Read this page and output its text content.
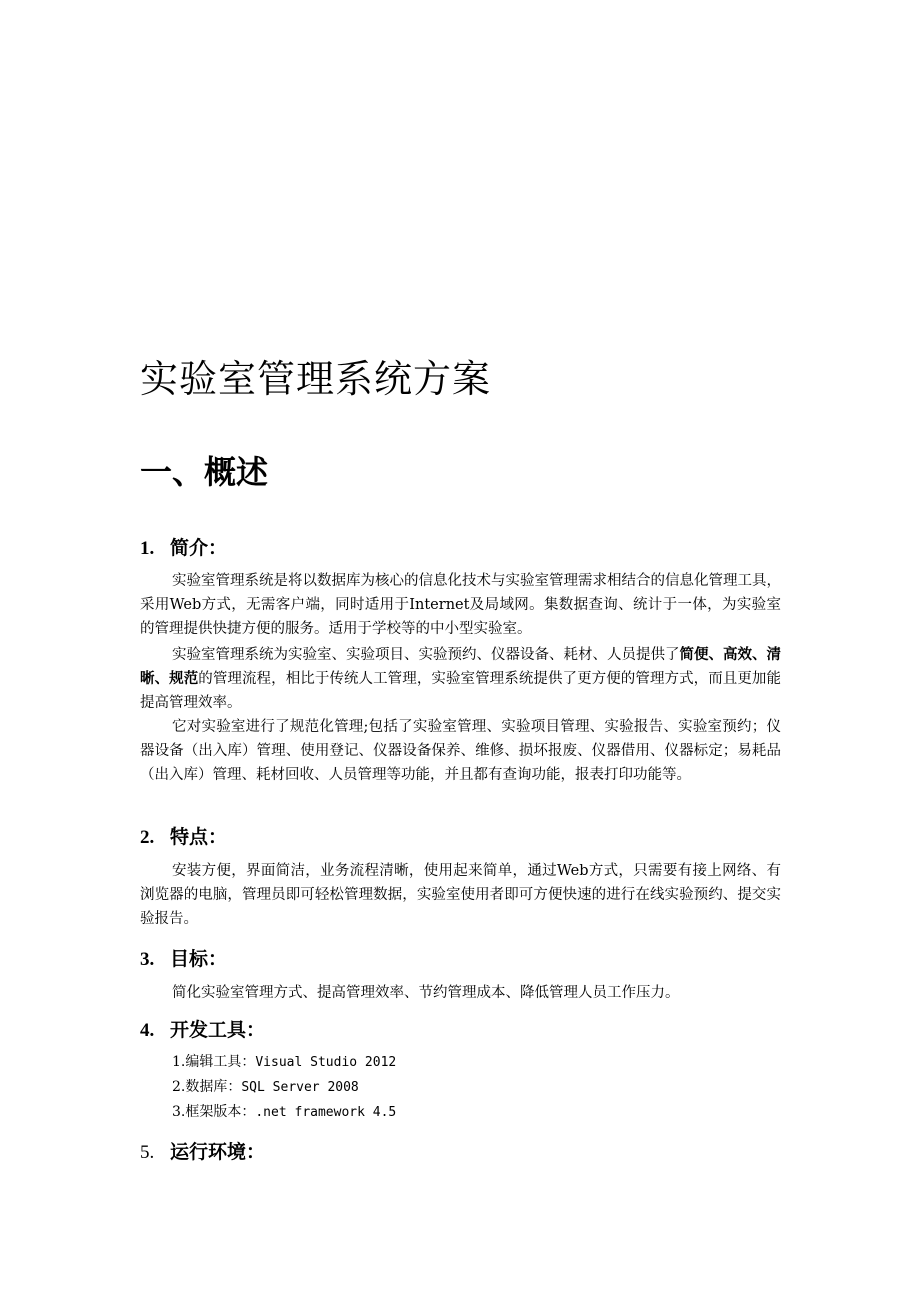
实验室管理系统方案
一、概述
1. 简介：

实验室管理系统是将以数据库为核心的信息化技术与实验室管理需求相结合的信息化管理工具，采用Web方式，无需客户端，同时适用于Internet及局域网。集数据查询、统计于一体，为实验室的管理提供快捷方便的服务。适用于学校等的中小型实验室。

实验室管理系统为实验室、实验项目、实验预约、仪器设备、耗材、人员提供了简便、高效、清晰、规范的管理流程，相比于传统人工管理，实验室管理系统提供了更方便的管理方式，而且更加能提高管理效率。

它对实验室进行了规范化管理;包括了实验室管理、实验项目管理、实验报告、实验室预约；仪器设备（出入库）管理、使用登记、仪器设备保养、维修、损坏报废、仪器借用、仪器标定；易耗品（出入库）管理、耗材回收、人员管理等功能，并且都有查询功能，报表打印功能等。

2. 特点：

安装方便，界面简洁，业务流程清晰，使用起来简单，通过Web方式，只需要有接上网络、有浏览器的电脑，管理员即可轻松管理数据，实验室使用者即可方便快速的进行在线实验预约、提交实验报告。

3. 目标：

简化实验室管理方式、提高管理效率、节约管理成本、降低管理人员工作压力。

4. 开发工具：
1.编辑工具：Visual Studio 2012
2.数据库：SQL Server 2008
3.框架版本：.net framework 4.5
5. 运行环境：
